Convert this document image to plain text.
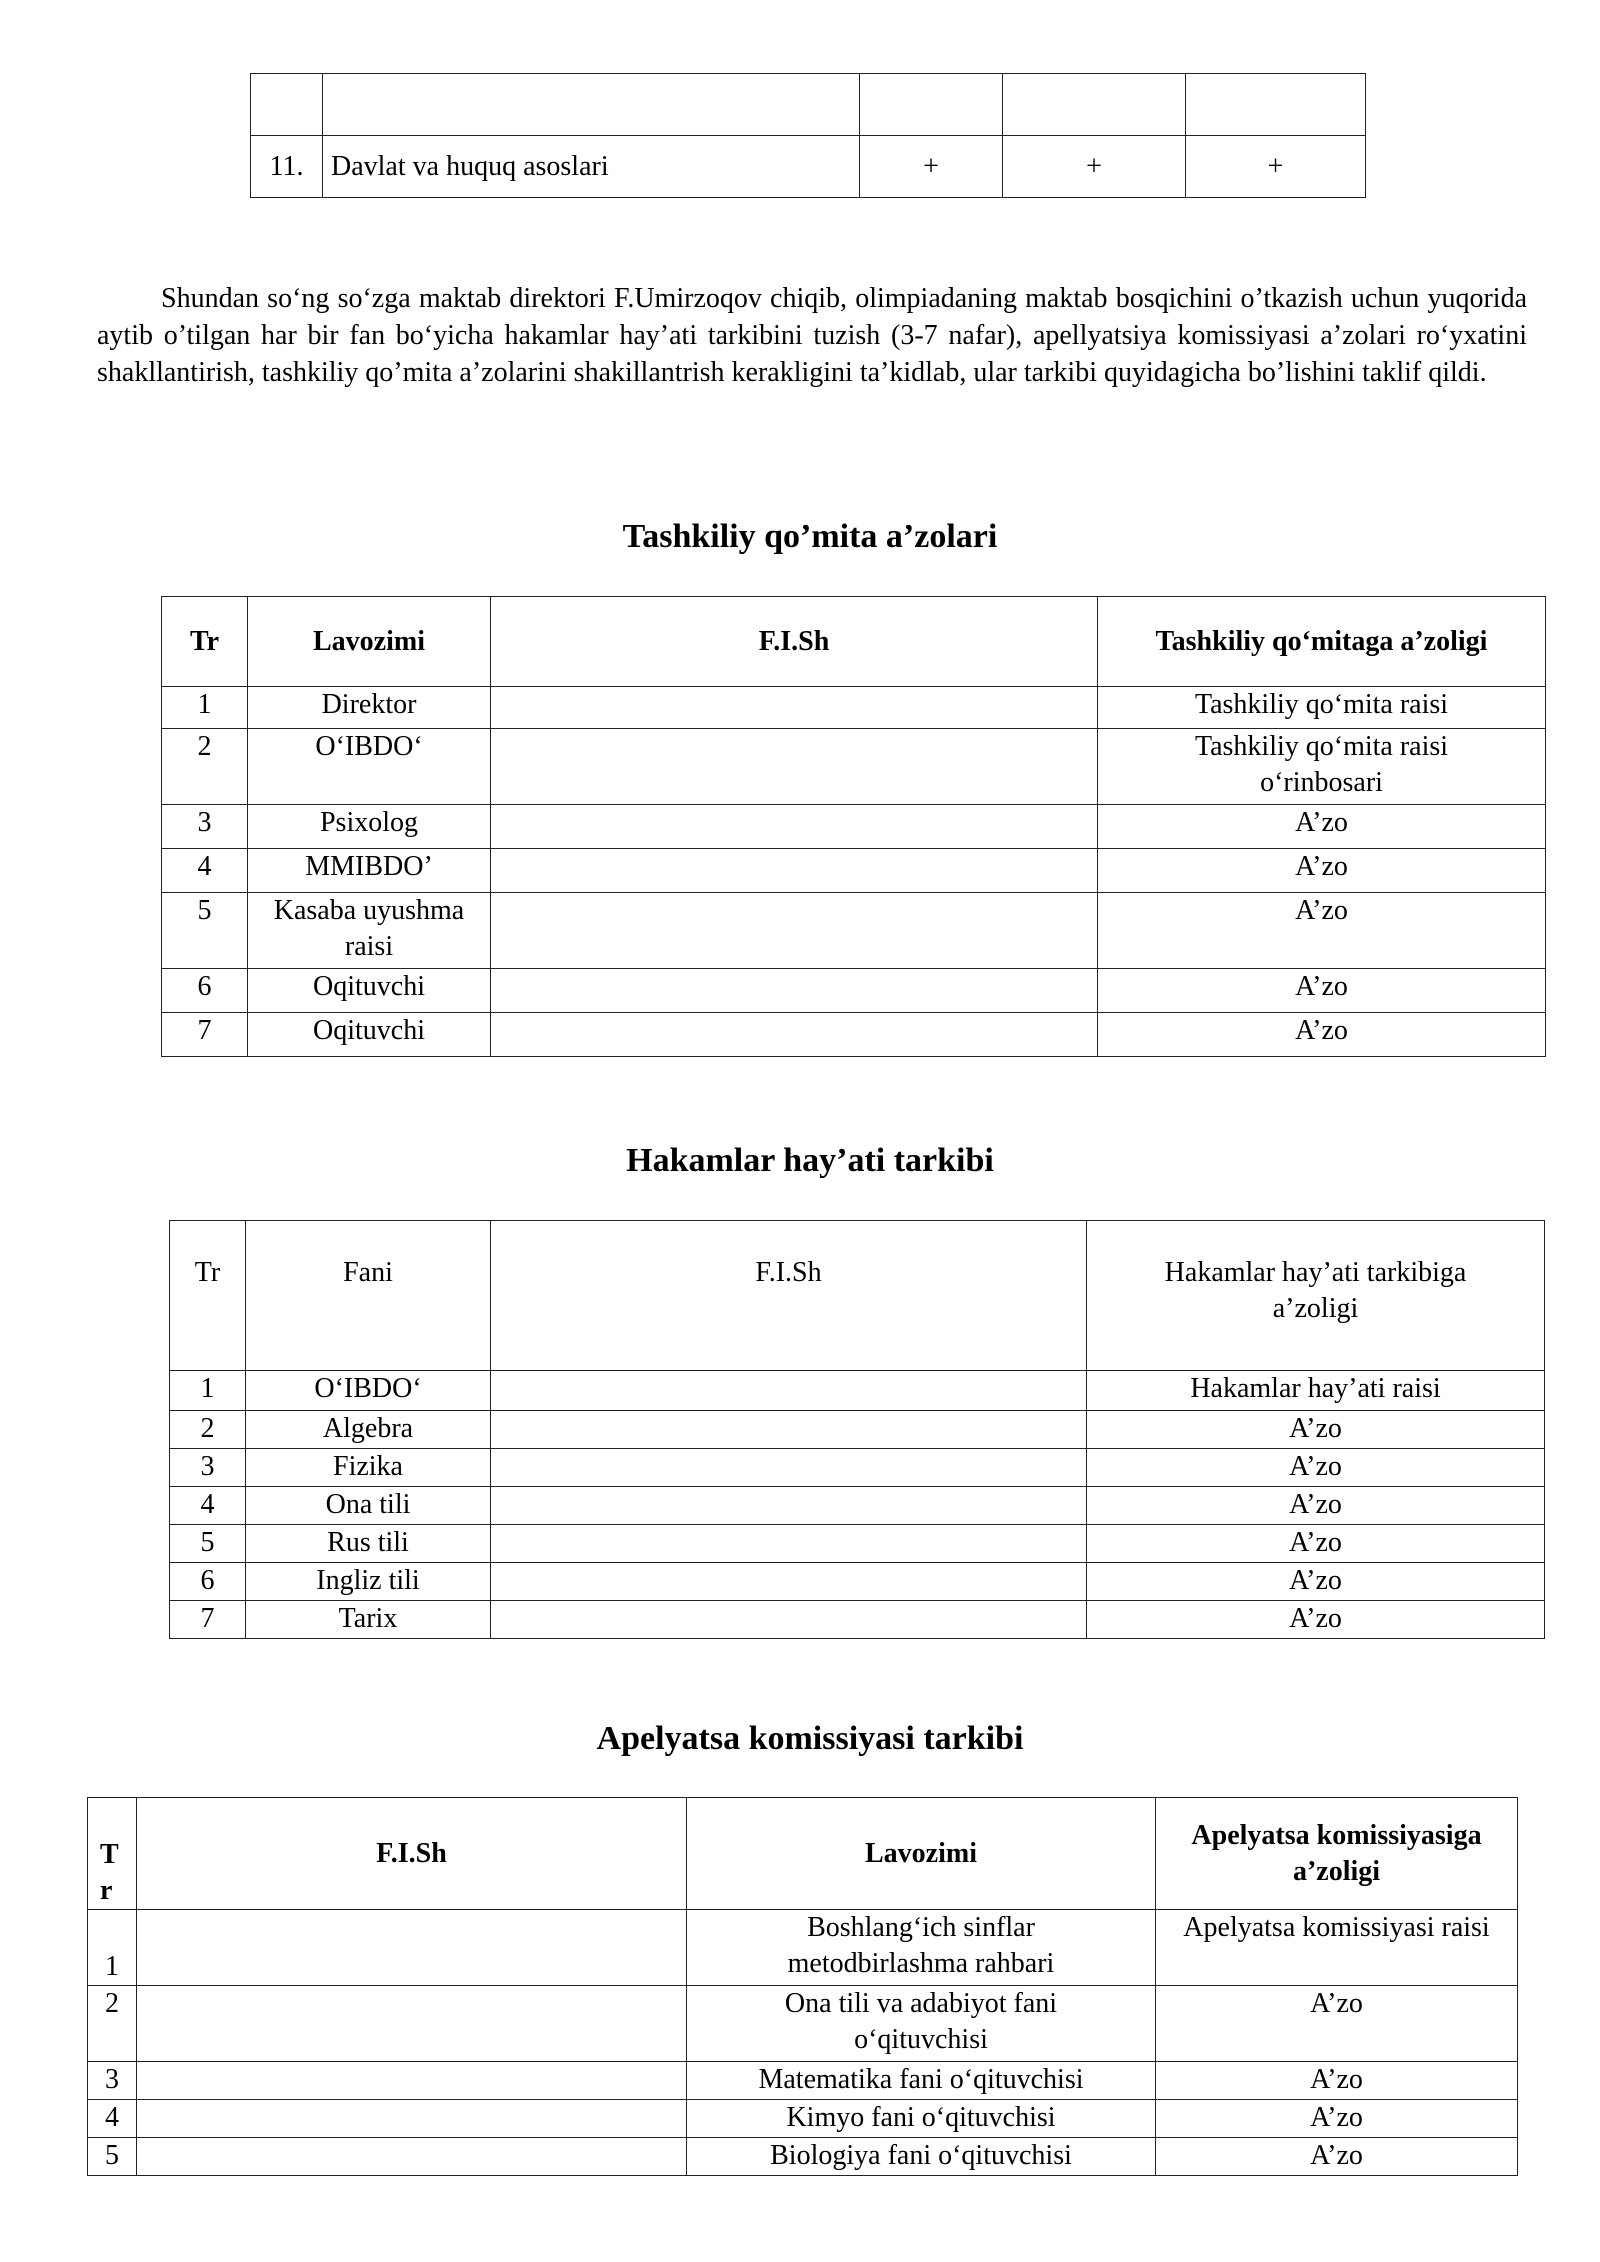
11.	Davlat va huquq asoslari	+	+	+
Shundan so‘ng so‘zga maktab direktori F.Umirzoqov chiqib, olimpiadaning maktab bosqichini o’tkazish uchun yuqorida aytib o’tilgan har bir fan bo‘yicha hakamlar hay’ati tarkibini tuzish (3-7 nafar), apellyatsiya komissiyasi a’zolari ro‘yxatini shakllantirish, tashkiliy qo’mita a’zolarini shakillantrish kerakligini ta’kidlab, ular tarkibi quyidagicha bo’lishini taklif qildi.
Tashkiliy qo’mita a’zolari
Tr	Lavozimi	F.I.Sh	Tashkiliy qo‘mitaga a’zoligi
1	Direktor		Tashkiliy qo‘mita raisi
2	O‘IBDO‘		Tashkiliy qo‘mita raisi o‘rinbosari
3	Psixolog		A’zo
4	MMIBDO’		A’zo
5	Kasaba uyushma raisi		A’zo
6	Oqituvchi		A’zo
7	Oqituvchi		A’zo
Hakamlar hay’ati tarkibi
Tr	Fani	F.I.Sh	Hakamlar hay’ati tarkibiga a’zoligi
1	O‘IBDO‘		Hakamlar hay’ati raisi
2	Algebra		A’zo
3	Fizika		A’zo
4	Ona tili		A’zo
5	Rus tili		A’zo
6	Ingliz tili		A’zo
7	Tarix		A’zo
Apelyatsa komissiyasi tarkibi
T r	F.I.Sh	Lavozimi	Apelyatsa komissiyasiga a’zoligi
1		Boshlang‘ich sinflar metodbirlashma rahbari	Apelyatsa komissiyasi raisi
2		Ona tili va adabiyot fani o‘qituvchisi	A’zo
3		Matematika fani o‘qituvchisi	A’zo
4		Kimyo fani o‘qituvchisi	A’zo
5		Biologiya fani o‘qituvchisi	A’zo
